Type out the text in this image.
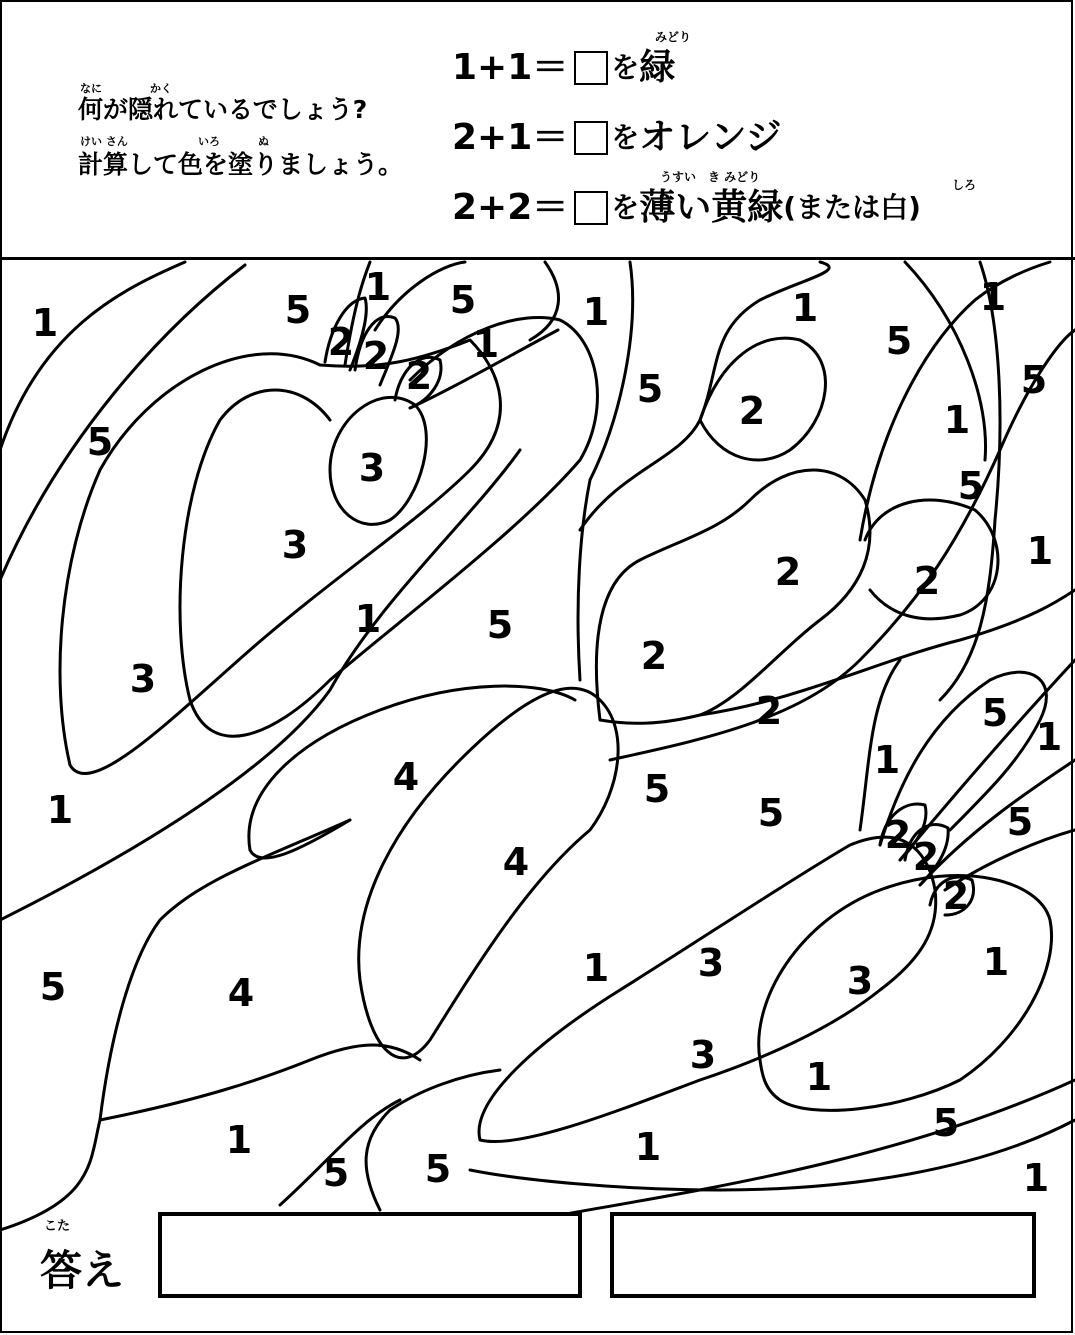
なに	かく
何が隠れているでしょう?
けい さん	いろ	ぬ
計算して色を塗りましょう。
みどり
1+1＝ を 緑
2+1＝ を オレンジ
うすい　き みどり
しろ
2+2＝ を 薄い黄緑 (または白)
1	5
1 5	1
2 2 2
1
5
3
5
1
5
1
5
2	1
5
3	1
2	2
1	5
2
3
2	5
1
4	1
5
1	5	5
2 2
2
4
3
1	3	1
5	4
3 1
5
1	1
5 5	1
こた
答え
